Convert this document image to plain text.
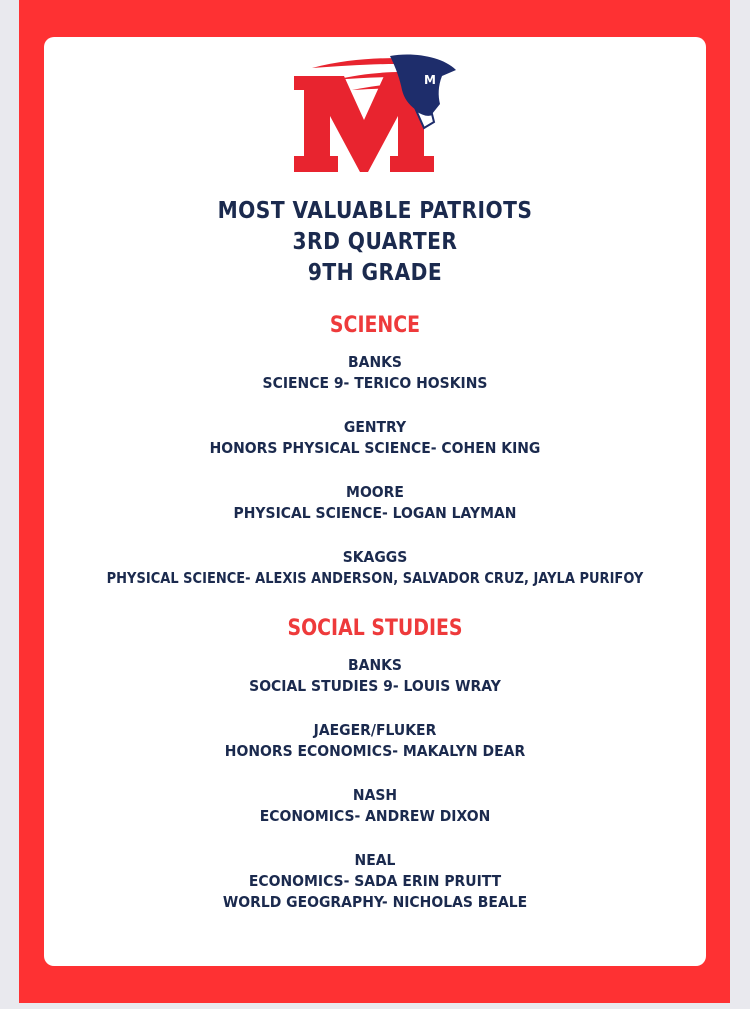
M
MOST VALUABLE PATRIOTS
3RD QUARTER
9TH GRADE
SCIENCE
BANKS
SCIENCE 9- TERICO HOSKINS
GENTRY
HONORS PHYSICAL SCIENCE- COHEN KING
MOORE
PHYSICAL SCIENCE- LOGAN LAYMAN
SKAGGS
PHYSICAL SCIENCE- ALEXIS ANDERSON, SALVADOR CRUZ, JAYLA PURIFOY
SOCIAL STUDIES
BANKS
SOCIAL STUDIES 9- LOUIS WRAY
JAEGER/FLUKER
HONORS ECONOMICS- MAKALYN DEAR
NASH
ECONOMICS- ANDREW DIXON
NEAL
ECONOMICS- SADA ERIN PRUITT
WORLD GEOGRAPHY- NICHOLAS BEALE
